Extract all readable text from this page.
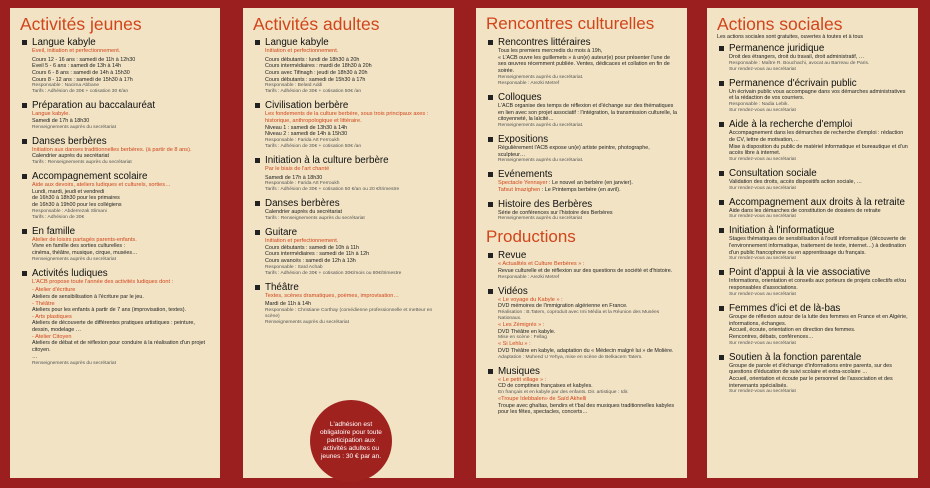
Activités jeunes
Langue kabyle
Eveil, initiation et perfectionnement.
Cours 12 - 16 ans : samedi de 11h à 12h30
Eveil 5 - 6 ans : samedi de 13h à 14h
Cours 6 - 8 ans : samedi de 14h à 15h30
Cours 8 - 12 ans : samedi de 15h30 à 17h
Responsable : Nacima Abbane
Tarifs : Adhésion de 30€ + cotisation 30 €/an
Préparation au baccalauréat
Langue kabyle.
Samedi de 17h à 18h30
Renseignements auprès du secrétariat
Danses berbères
Initiation aux danses traditionnelles berbères. (à partir de 8 ans).
Calendrier auprès du secrétariat
Tarifs : Renseignements auprès du secrétariat
Accompagnement scolaire
Aide aux devoirs, ateliers ludiques et culturels, sorties…
Lundi, mardi, jeudi et vendredi
de 16h30 à 18h30 pour les primaires
de 16h30 à 19h00 pour les collégiens
Responsable : Abderrezak Slimani
Tarifs : Adhésion de 30€
En famille
Atelier de loisirs partagés parents-enfants.
Vivre en famille des sorties culturelles :
cinéma, théâtre, musique, cirque, musées…
Renseignements auprès du secrétariat
Activités ludiques
L'ACB propose toute l'année des activités ludiques dont :
- Atelier d'écriture
Ateliers de sensibilisation à l'écriture par le jeu.
- Théâtre
Ateliers pour les enfants à partir de 7 ans (improvisation, textes).
- Arts plastiques
Ateliers de découverte de différentes pratiques artistiques : peinture, dessin, modelage …
- Atelier Citoyen
Ateliers de débat et de réflexion pour conduire à la réalisation d'un projet citoyen.
…
Renseignements auprès du secrétariat
Activités adultes
Langue kabyle
Initiation et perfectionnement.
Cours débutants : lundi de 18h30 à 20h
Cours intermédiaires : mardi de 18h30 à 20h
Cours avec Tifinagh : jeudi de 18h30 à 20h
Cours débutants : samedi de 15h30 à 17h
Responsable : Belaïd Addi
Tarifs : Adhésion de 30€ + cotisation 50€ /an
Civilisation berbère
Les fondements de la culture berbère, sous trois principaux axes : historique, anthropologique et littéraire.
Niveau 1 : samedi de 13h30 à 14h
Niveau 2 : samedi de 14h à 15h30
Responsable : Farida Aït Ferroukh
Tarifs : Adhésion de 30€ + cotisation 50€ /an
Initiation à la culture berbère
Par le biais de l'art chanté
Samedi de 17h à 18h30
Responsable : Farida Aït Ferroukh
Tarifs : Adhésion de 30€ + cotisation 50 €/an ou 20 €/trimestre
Danses berbères
Calendrier auprès du secrétariat
Tarifs : Renseignements auprès du secrétariat
Guitare
Initiation et perfectionnement.
Cours débutants : samedi de 10h à 11h
Cours intermédiaires : samedi de 11h à 12h
Cours avancés : samedi de 12h à 13h
Responsable : Saïd Achab
Tarifs : Adhésion de 30€ + cotisation 30€/mois ou 80€/trimestre
Théâtre
Textes, scènes dramatiques, poèmes, improvisation…
Mardi de 11h à 14h
Responsable : Christiane Corthay (comédienne professionnelle et metteur en scène)
Renseignements auprès du secrétariat
L'adhésion est obligatoire pour toute participation aux activités adultes ou jeunes : 30 € par an.
Rencontres culturelles
Rencontres littéraires
Tous les premiers mercredis du mois à 19h,
« L'ACB ouvre les guillemets » à un(e) auteur(e) pour présenter l'une de ses œuvres récemment publiée. Ventes, dédicaces et collation en fin de soirée.
Renseignements auprès du secrétariat.
Responsable : Arezki Metref
Colloques
L'ACB organise des temps de réflexion et d'échange sur des thématiques en lien avec son projet associatif : l'intégration, la transmission culturelle, la citoyenneté, la laïcité…
Renseignements auprès du secrétariat.
Expositions
Régulièrement l'ACB expose un(e) artiste peintre, photographe, sculpteur…
Renseignements auprès du secrétariat.
Evénements
Spectacle Yennayer : Le nouvel an berbère (en janvier).
Tafsut Imazighen : Le Printemps berbère (en avril).
Histoire des Berbères
Série de conférences sur l'histoire des Berbères
Renseignements auprès du secrétariat
Productions
Revue
« Actualités et Culture Berbères » :
Revue culturelle et de réflexion sur des questions de société et d'histoire.
Responsable : Arezki Metref
Vidéos
« Le voyage du Kabyle » :
DVD mémoires de l'immigration algérienne en France.
Réalisation : B.Tatem, coproduit avec Imi Média et la Réunion des Musées Nationaux.
« Les Zémigrés » :
DVD Théâtre en kabyle.
Mise en scène : Fellag
« Si Lehlu » :
DVD Théâtre en kabyle, adaptation du « Médecin malgré lui » de Molière.
Adaptation : Muhend U Yehya, mise en scène de Belkacem Tatem.
Musiques
« Le petit village » :
CD de comptines françaises et kabyles.
En français et en kabyle par des enfants. Dir. artistique : Idir.
«Troupe Idebbalen» de Saïd Akhelli
Troupe avec ghaïtas, bendirs et t'bal des musiques traditionnelles kabyles pour les fêtes, spectacles, concerts…
Actions sociales
Les actions sociales sont gratuites, ouvertes à toutes et à tous
Permanence juridique
Droit des étrangers, droit du travail, droit administratif, …
Responsable : Maître R. Bouchachi, avocat au Barreau de Paris.
Sur rendez-vous au secrétariat
Permanence d'écrivain public
Un écrivain public vous accompagne dans vos démarches administratives et la rédaction de vos courriers.
Responsable : Nadia Lebik.
Sur rendez-vous au secrétariat
Aide à la recherche d'emploi
Accompagnement dans les démarches de recherche d'emploi : rédaction de CV, lettre de motivation,…
Mise à disposition du public de matériel informatique et bureautique et d'un accès libre à internet.
Sur rendez-vous au secrétariat
Consultation sociale
Validation des droits, accès dispositifs action sociale, …
Sur rendez-vous au secrétariat
Accompagnement aux droits à la retraite
Aide dans les démarches de constitution de dossiers de retraite
Sur rendez-vous au secrétariat
Initiation à l'informatique
Stages thématiques de sensibilisation à l'outil informatique (découverte de l'environnement informatique, traitement de texte, internet…) à destination d'un public francophone ou en apprentissage du français.
Sur rendez-vous au secrétariat
Point d'appui à la vie associative
Informations, orientation et conseils aux porteurs de projets collectifs et/ou responsables d'associations.
Sur rendez-vous au secrétariat
Femmes d'ici et de là-bas
Groupe de réflexion autour de la lutte des femmes en France et en Algérie, informations, échanges.
Accueil, écoute, orientation en direction des femmes.
Rencontres, débats, conférences…
Sur rendez-vous au secrétariat
Soutien à la fonction parentale
Groupe de parole et d'échange d'informations entre parents, sur des questions d'éducation de suivi scolaire et extra-scolaire …
Accueil, orientation et écoute par le personnel de l'association et des intervenants spécialisés.
Sur rendez-vous au secrétariat
